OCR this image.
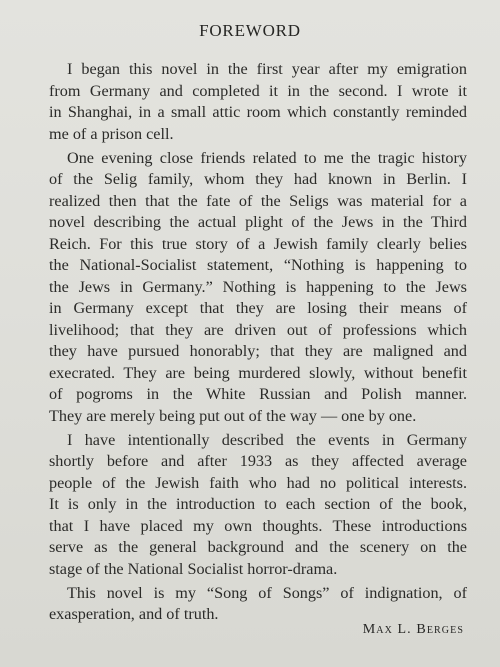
FOREWORD

I began this novel in the first year after my emigration
from Germany and completed it in the second. I wrote it
in Shanghai, in a small attic room which constantly reminded
me of a prison cell.

One evening close friends related to me the tragic history
of the Selig family, whom they had known in Berlin. I
realized then that the fate of the Seligs was material for a
novel describing the actual plight of the Jews in the Third
Reich. For this true story of a Jewish family clearly belies
the National-Socialist statement, “Nothing is happening to
the Jews in Germany.” Nothing is happening to the Jews
in Germany except that they are losing their means of
livelihood; that they are driven out of professions which
they have pursued honorably; that they are maligned and
execrated. They are being murdered slowly, without benefit
of pogroms in the White Russian and Polish manner.
They are merely being put out of the way — one by one.

I have intentionally described the events in Germany
shortly before and after 1933 as they affected average
people of the Jewish faith who had no political interests.
It is only in the introduction to each section of the book,
that I have placed my own thoughts. These introductions
serve as the general background and the scenery on the
stage of the National Socialist horror-drama.

This novel is my “Song of Songs” of indignation, of
exasperation, and of truth.

Max L. Berges
